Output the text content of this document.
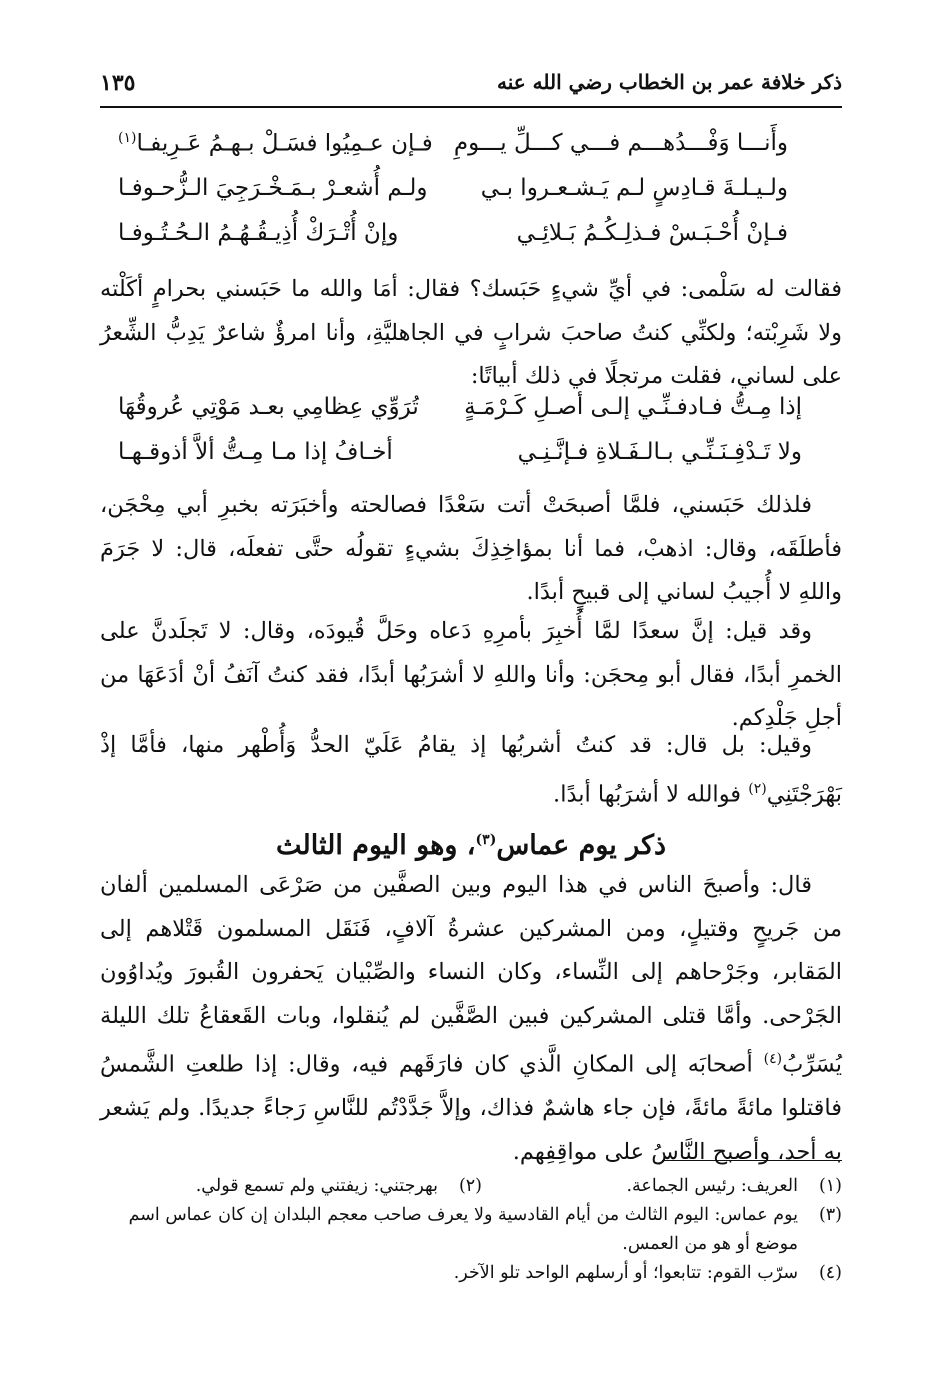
ذكر خلافة عمر بن الخطاب رضي الله عنه
١٣٥
وأَنـــا وَفْـــدُهـــم فـــي كـــلِّ يـــومِ
فـإن عـمِيُوا فسَـلْ بـهـمُ عَـرِيفـا$^{(١)}$
ولـيـلـةَ قـادِسٍ لـم يَـشـعـروا بـي
ولـم أُشعـرْ بـمَـخْـرَجِيَ الـزُّحـوفـا
فـإنْ أُحْـبَـسْ فـذلِـكُـمُ بَـلائِـي
وإنْ أُتْـرَكْ أُذِيـقُـهُـمُ الـحُـتُـوفـا
فقالت له سَلْمى: في أيِّ شيءٍ حَبَسك؟ فقال: أمَا والله ما حَبَسني بحرامٍ أكَلْته ولا شَرِبْته؛ ولكنِّي كنتُ صاحبَ شرابٍ في الجاهليَّةِ، وأنا امرؤٌ شاعرٌ يَدِبُّ الشِّعرُ على لساني، فقلت مرتجلًا في ذلك أبياتًا:
إذا مِـتُّ فـادفـنِّـي إلـى أصـلِ كَـرْمَـةٍ
تُرَوِّي عِظامِي بعـد مَوْتِي عُروقُهَا
ولا تَـدْفِـنَـنِّـي بـالـفَـلاةِ فـإنَّـنِـي
أخـافُ إذا مـا مِـتُّ ألاَّ أذوقـهـا
فلذلك حَبَسني، فلمَّا أصبحَتْ أتت سَعْدًا فصالحته وأخبَرَته بخبرِ أبي مِحْجَن، فأطلَقَه، وقال: اذهبْ، فما أنا بمؤاخِذِكَ بشيءٍ تقولُه حتَّى تفعلَه، قال: لا جَرَمَ واللهِ لا أُجيبُ لساني إلى قبيحٍ أبدًا.
وقد قيل: إنَّ سعدًا لمَّا أُخبِرَ بأمرِهِ دَعاه وحَلَّ قُيودَه، وقال: لا تَجلَدنَّ على الخمرِ أبدًا، فقال أبو مِحجَن: وأنا واللهِ لا أشرَبُها أبدًا، فقد كنتُ آنَفُ أنْ أدَعَهَا من أجلِ جَلْدِكم.
وقيل: بل قال: قد كنتُ أشربُها إذ يقامُ عَلَيّ الحدُّ وَأُطْهر منها، فأمَّا إذْ بَهْرَجْتَنِي$^{(٢)}$ فوالله لا أشرَبُها أبدًا.
ذكر يوم عماس$^{(٣)}$، وهو اليوم الثالث
قال: وأصبحَ الناس في هذا اليوم وبين الصفَّين من صَرْعَى المسلمين ألفان من جَريحٍ وقتيلٍ، ومن المشركين عشرةُ آلافٍ، فَنَقَل المسلمون قَتْلاهم إلى المَقابر، وجَرْحاهم إلى النِّساء، وكان النساء والصِّبْيان يَحفرون القُبورَ ويُداوُون الجَرْحى. وأمَّا قتلى المشركين فبين الصَّفَّين لم يُنقلوا، وبات القَعقاعُ تلك الليلة يُسَرِّبُ$^{(٤)}$ أصحابَه إلى المكانِ الَّذي كان فارَقَهم فيه، وقال: إذا طلعتِ الشَّمسُ فاقتلوا مائةً مائةً، فإن جاء هاشمٌ فذاك، وإلاَّ جَدَّدْتُم للنَّاسِ رَجاءً جديدًا. ولم يَشعر به أحد، وأصبح النَّاسُ على مواقِفِهم.
(١)العريف: رئيس الجماعة.
(٢)بهرجتني: زيفتني ولم تسمع قولي.
(٣)يوم عماس: اليوم الثالث من أيام القادسية ولا يعرف صاحب معجم البلدان إن كان عماس اسم
موضع أو هو من العمس.
(٤)سرّب القوم: تتابعوا؛ أو أرسلهم الواحد تلو الآخر.
